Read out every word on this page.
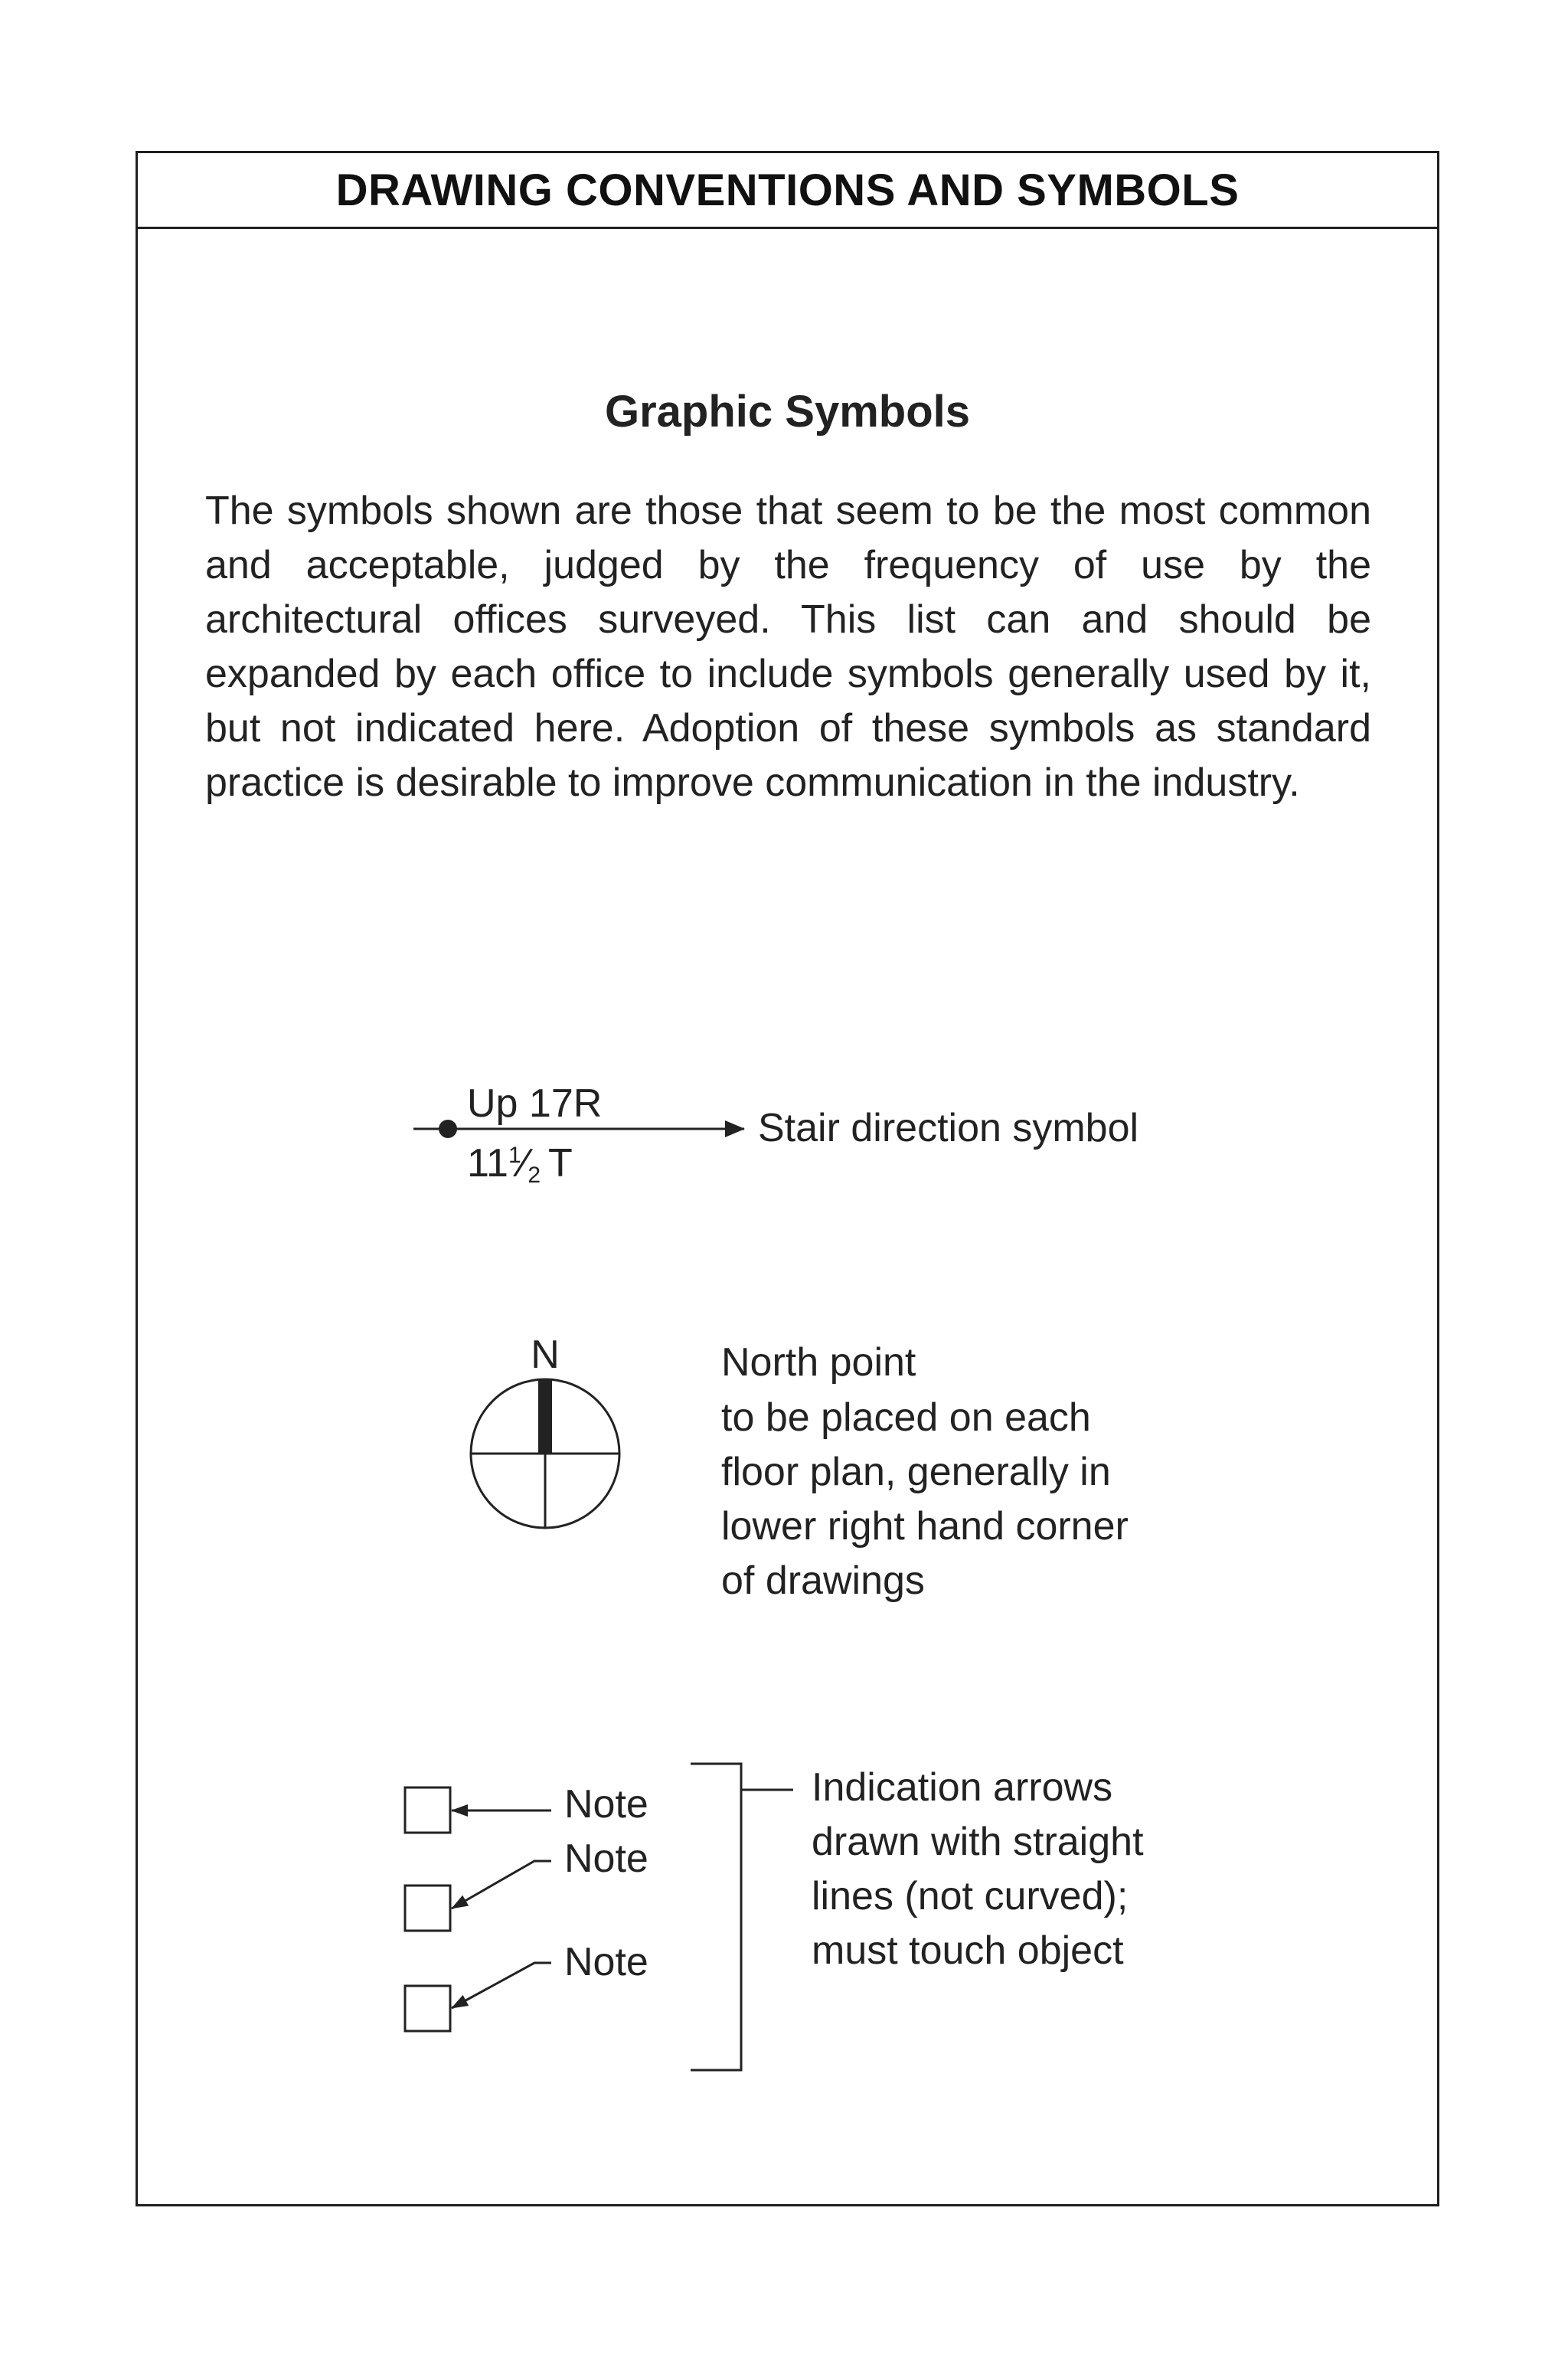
DRAWING CONVENTIONS AND SYMBOLS
Graphic Symbols

The symbols shown are those that seem to be the most common and acceptable, judged by the frequency of use by the architectural offices surveyed. This list can and should be expanded by each office to include symbols generally used by it, but not indicated here. Adoption of these symbols as standard practice is desirable to improve communication in the industry.

Up 17R
$11^1⁄2$ T
Stair direction symbol
N	North point to be placed on each floor plan, generally in lower right hand corner of drawings
Note
Note
Note
Indication arrows drawn with straight lines (not curved); must touch object
